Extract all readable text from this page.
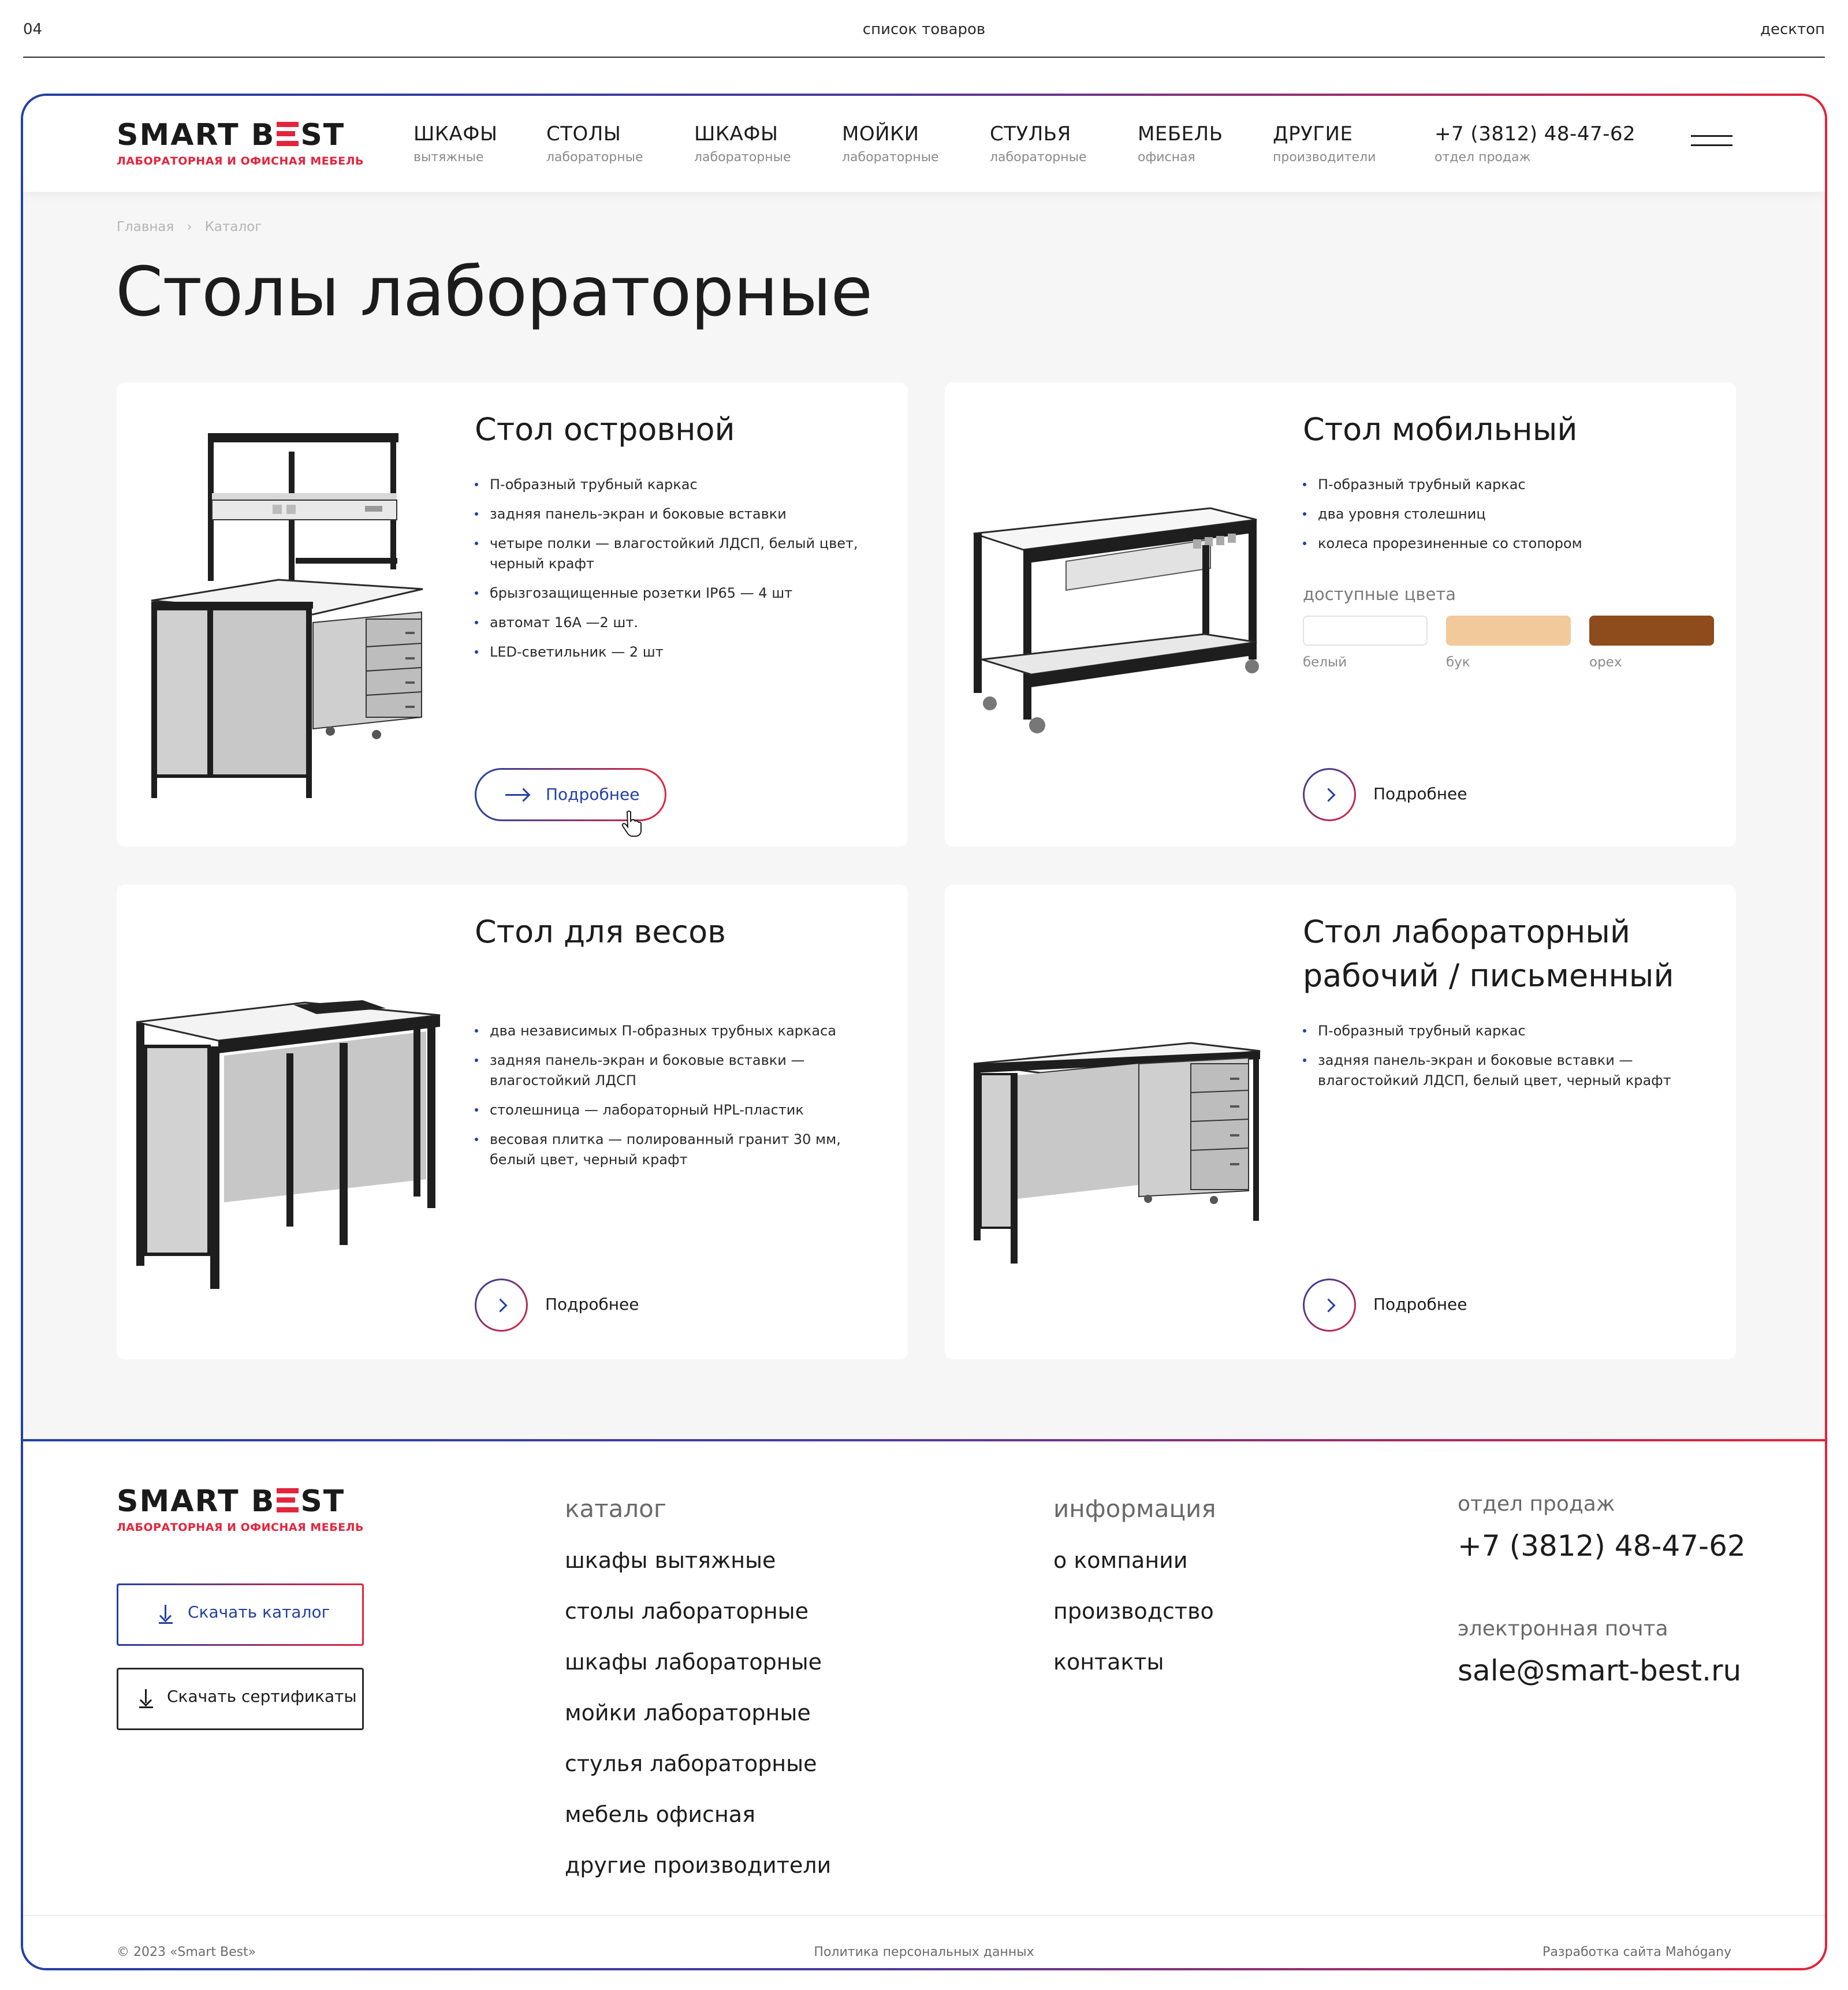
04	список товаров	десктоп
SMART B ST
ЛАБОРАТОРНАЯ И ОФИСНАЯ МЕБЕЛЬ
ШКАФЫ
вытяжные
СТОЛЫ
лабораторные
ШКАФЫ
лабораторные
МОЙКИ
лабораторные
СТУЛЬЯ
лабораторные
МЕБЕЛЬ
офисная
ДРУГИЕ
производители
+7 (3812) 48-47-62
отдел продаж
Главная › Каталог
Столы лабораторные
Стол островной
П-образный трубный каркас
задняя панель-экран и боковые вставки
четыре полки — влагостойкий ЛДСП, белый цвет, черный крафт
брызгозащищенные розетки IP65 — 4 шт
автомат 16А —2 шт.
LED-светильник — 2 шт
Подробнее
Стол мобильный
П-образный трубный каркас
два уровня столешниц
колеса прорезиненные со стопором
доступные цвета
белый	бук	орех
Подробнее
Стол для весов
два независимых П-образных трубных каркаса
задняя панель-экран и боковые вставки — влагостойкий ЛДСП
столешница — лабораторный HPL-пластик
весовая плитка — полированный гранит 30 мм, белый цвет, черный крафт
Подробнее
Стол лабораторный
рабочий / письменный
П-образный трубный каркас
задняя панель-экран и боковые вставки — влагостойкий ЛДСП, белый цвет, черный крафт
Подробнее
SMART B ST
ЛАБОРАТОРНАЯ И ОФИСНАЯ МЕБЕЛЬ
Скачать каталог
Скачать сертификаты
каталог
шкафы вытяжные
столы лабораторные
шкафы лабораторные
мойки лабораторные
стулья лабораторные
мебель офисная
другие производители
информация
о компании
производство
контакты
отдел продаж
+7 (3812) 48-47-62
электронная почта
sale@smart-best.ru
© 2023 «Smart Best»	Политика персональных данных	Разработка сайта Mahógany
